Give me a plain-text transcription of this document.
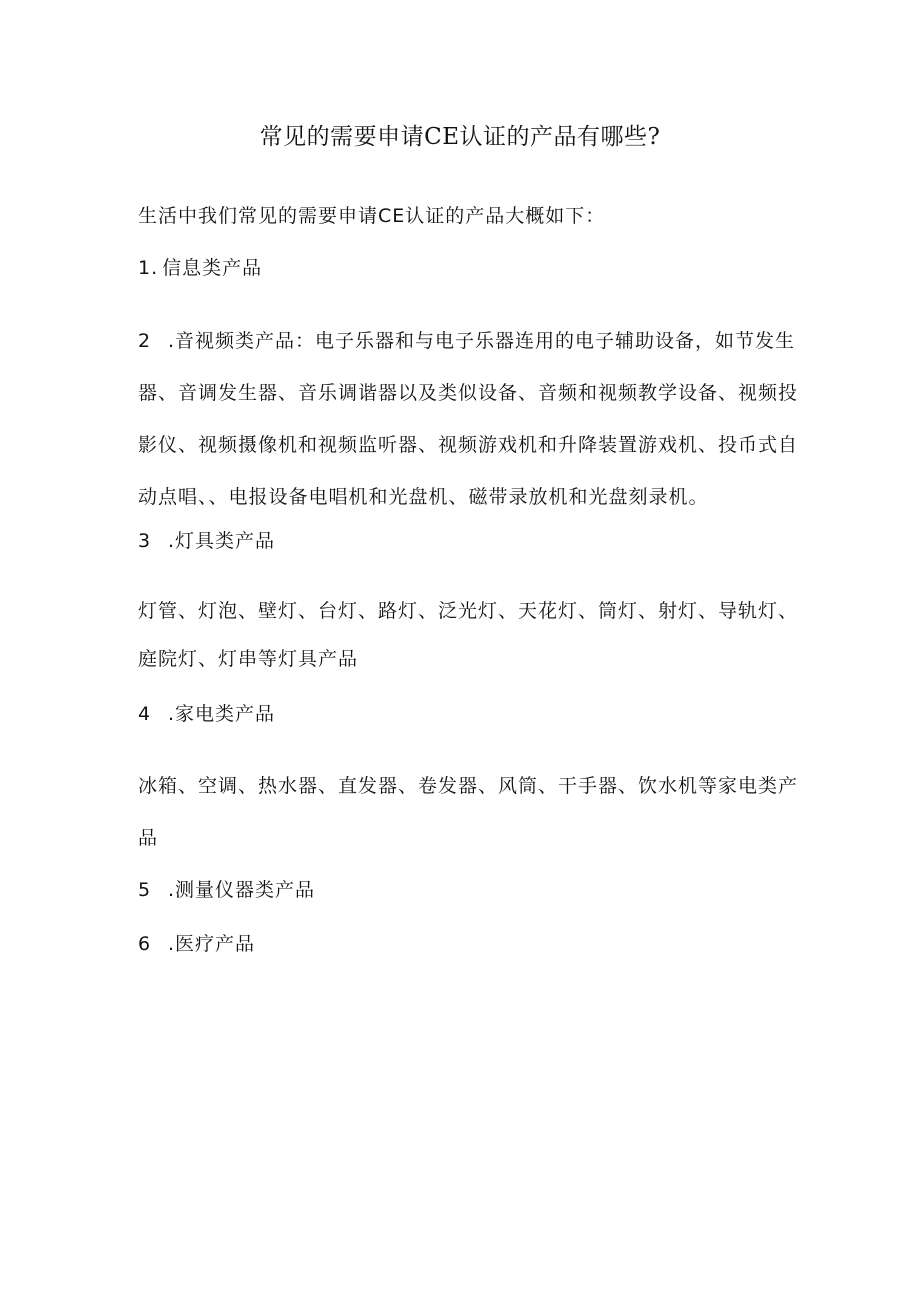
常见的需要申请CE认证的产品有哪些?
生活中我们常见的需要申请CE认证的产品大概如下：
1. 信息类产品
2 .音视频类产品：电子乐器和与电子乐器连用的电子辅助设备，如节发生器、音调发生器、音乐调谐器以及类似设备、音频和视频教学设备、视频投影仪、视频摄像机和视频监听器、视频游戏机和升降装置游戏机、投币式自动点唱、、电报设备电唱机和光盘机、磁带录放机和光盘刻录机。
3 .灯具类产品
灯管、灯泡、壁灯、台灯、路灯、泛光灯、天花灯、筒灯、射灯、导轨灯、庭院灯、灯串等灯具产品
4 .家电类产品
冰箱、空调、热水器、直发器、卷发器、风筒、干手器、饮水机等家电类产品
5 .测量仪器类产品
6 .医疗产品
